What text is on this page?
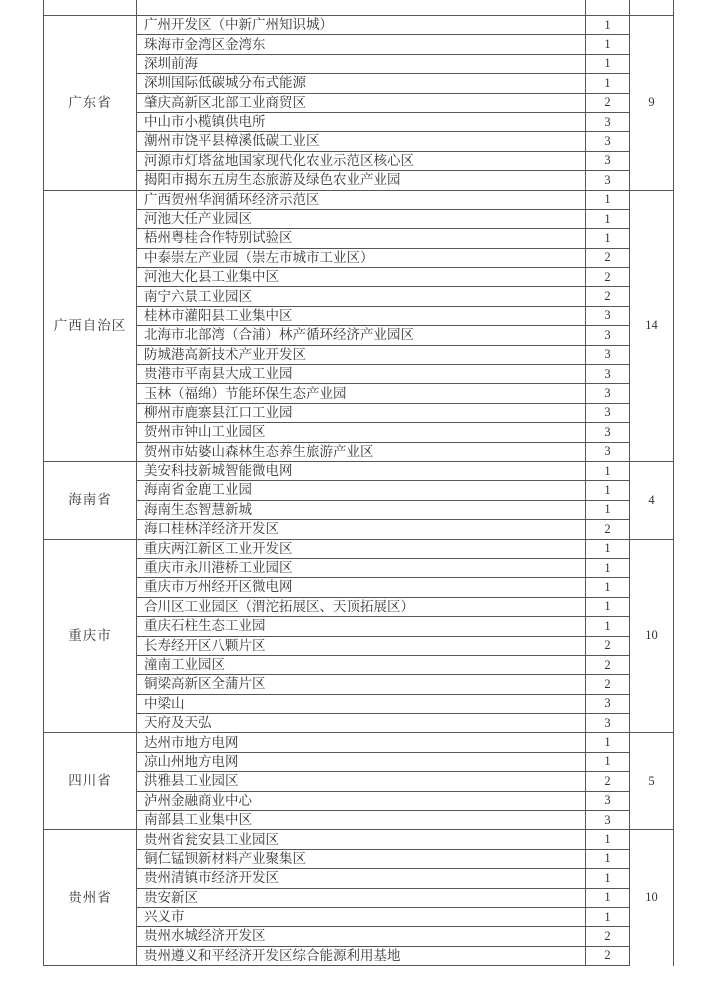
广东省	广州开发区（中新广州知识城）	1	9
	珠海市金湾区金湾东	1	
	深圳前海	1	
	深圳国际低碳城分布式能源	1	
	肇庆高新区北部工业商贸区	2	
	中山市小榄镇供电所	3	
	潮州市饶平县樟溪低碳工业区	3	
	河源市灯塔盆地国家现代化农业示范区核心区	3	
	揭阳市揭东五房生态旅游及绿色农业产业园	3	
广西自治区	广西贺州华润循环经济示范区	1	14
	河池大任产业园区	1	
	梧州粤桂合作特别试验区	1	
	中泰崇左产业园（崇左市城市工业区）	2	
	河池大化县工业集中区	2	
	南宁六景工业园区	2	
	桂林市灌阳县工业集中区	3	
	北海市北部湾（合浦）林产循环经济产业园区	3	
	防城港高新技术产业开发区	3	
	贵港市平南县大成工业园	3	
	玉林（福绵）节能环保生态产业园	3	
	柳州市鹿寨县江口工业园	3	
	贺州市钟山工业园区	3	
	贺州市姑婆山森林生态养生旅游产业区	3	
海南省	美安科技新城智能微电网	1	4
	海南省金鹿工业园	1	
	海南生态智慧新城	1	
	海口桂林洋经济开发区	2	
重庆市	重庆两江新区工业开发区	1	10
	重庆市永川港桥工业园区	1	
	重庆市万州经开区微电网	1	
	合川区工业园区（渭沱拓展区、天顶拓展区）	1	
	重庆石柱生态工业园	1	
	长寿经开区八颗片区	2	
	潼南工业园区	2	
	铜梁高新区全蒲片区	2	
	中梁山	3	
	天府及天弘	3	
四川省	达州市地方电网	1	5
	凉山州地方电网	1	
	洪雅县工业园区	2	
	泸州金融商业中心	3	
	南部县工业集中区	3	
贵州省	贵州省瓮安县工业园区	1	10
	铜仁锰钡新材料产业聚集区	1	
	贵州清镇市经济开发区	1	
	贵安新区	1	
	兴义市	1	
	贵州水城经济开发区	2	
	贵州遵义和平经济开发区综合能源利用基地	2	
